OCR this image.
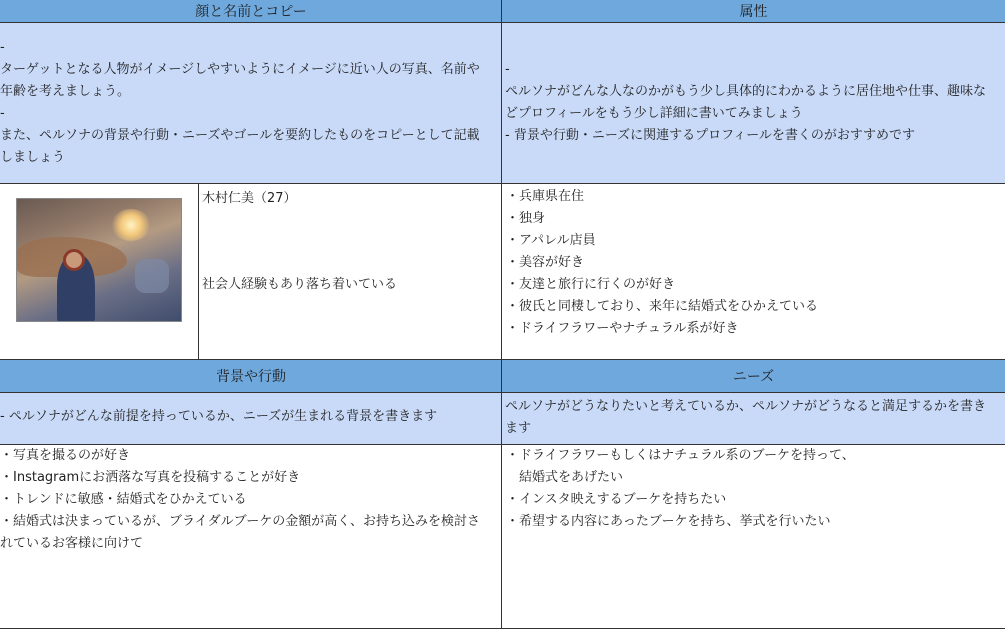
顔と名前とコピー	属性
-
ターゲットとなる人物がイメージしやすいようにイメージに近い人の写真、名前や
年齢を考えましょう。
-
また、ペルソナの背景や行動・ニーズやゴールを要約したものをコピーとして記載
しましょう
-
ペルソナがどんな人なのかがもう少し具体的にわかるように居住地や仕事、趣味な
どプロフィールをもう少し詳細に書いてみましょう
- 背景や行動・ニーズに関連するプロフィールを書くのがおすすめです
木村仁美（27）
社会人経験もあり落ち着いている
・兵庫県在住
・独身
・アパレル店員
・美容が好き
・友達と旅行に行くのが好き
・彼氏と同棲しており、来年に結婚式をひかえている
・ドライフラワーやナチュラル系が好き
背景や行動	ニーズ
- ペルソナがどんな前提を持っているか、ニーズが生まれる背景を書きます
ペルソナがどうなりたいと考えているか、ペルソナがどうなると満足するかを書き
ます
・写真を撮るのが好き
・Instagramにお洒落な写真を投稿することが好き
・トレンドに敏感・結婚式をひかえている
・結婚式は決まっているが、ブライダルブーケの金額が高く、お持ち込みを検討さ
れているお客様に向けて
・ドライフラワーもしくはナチュラル系のブーケを持って、
　結婚式をあげたい
・インスタ映えするブーケを持ちたい
・希望する内容にあったブーケを持ち、挙式を行いたい
